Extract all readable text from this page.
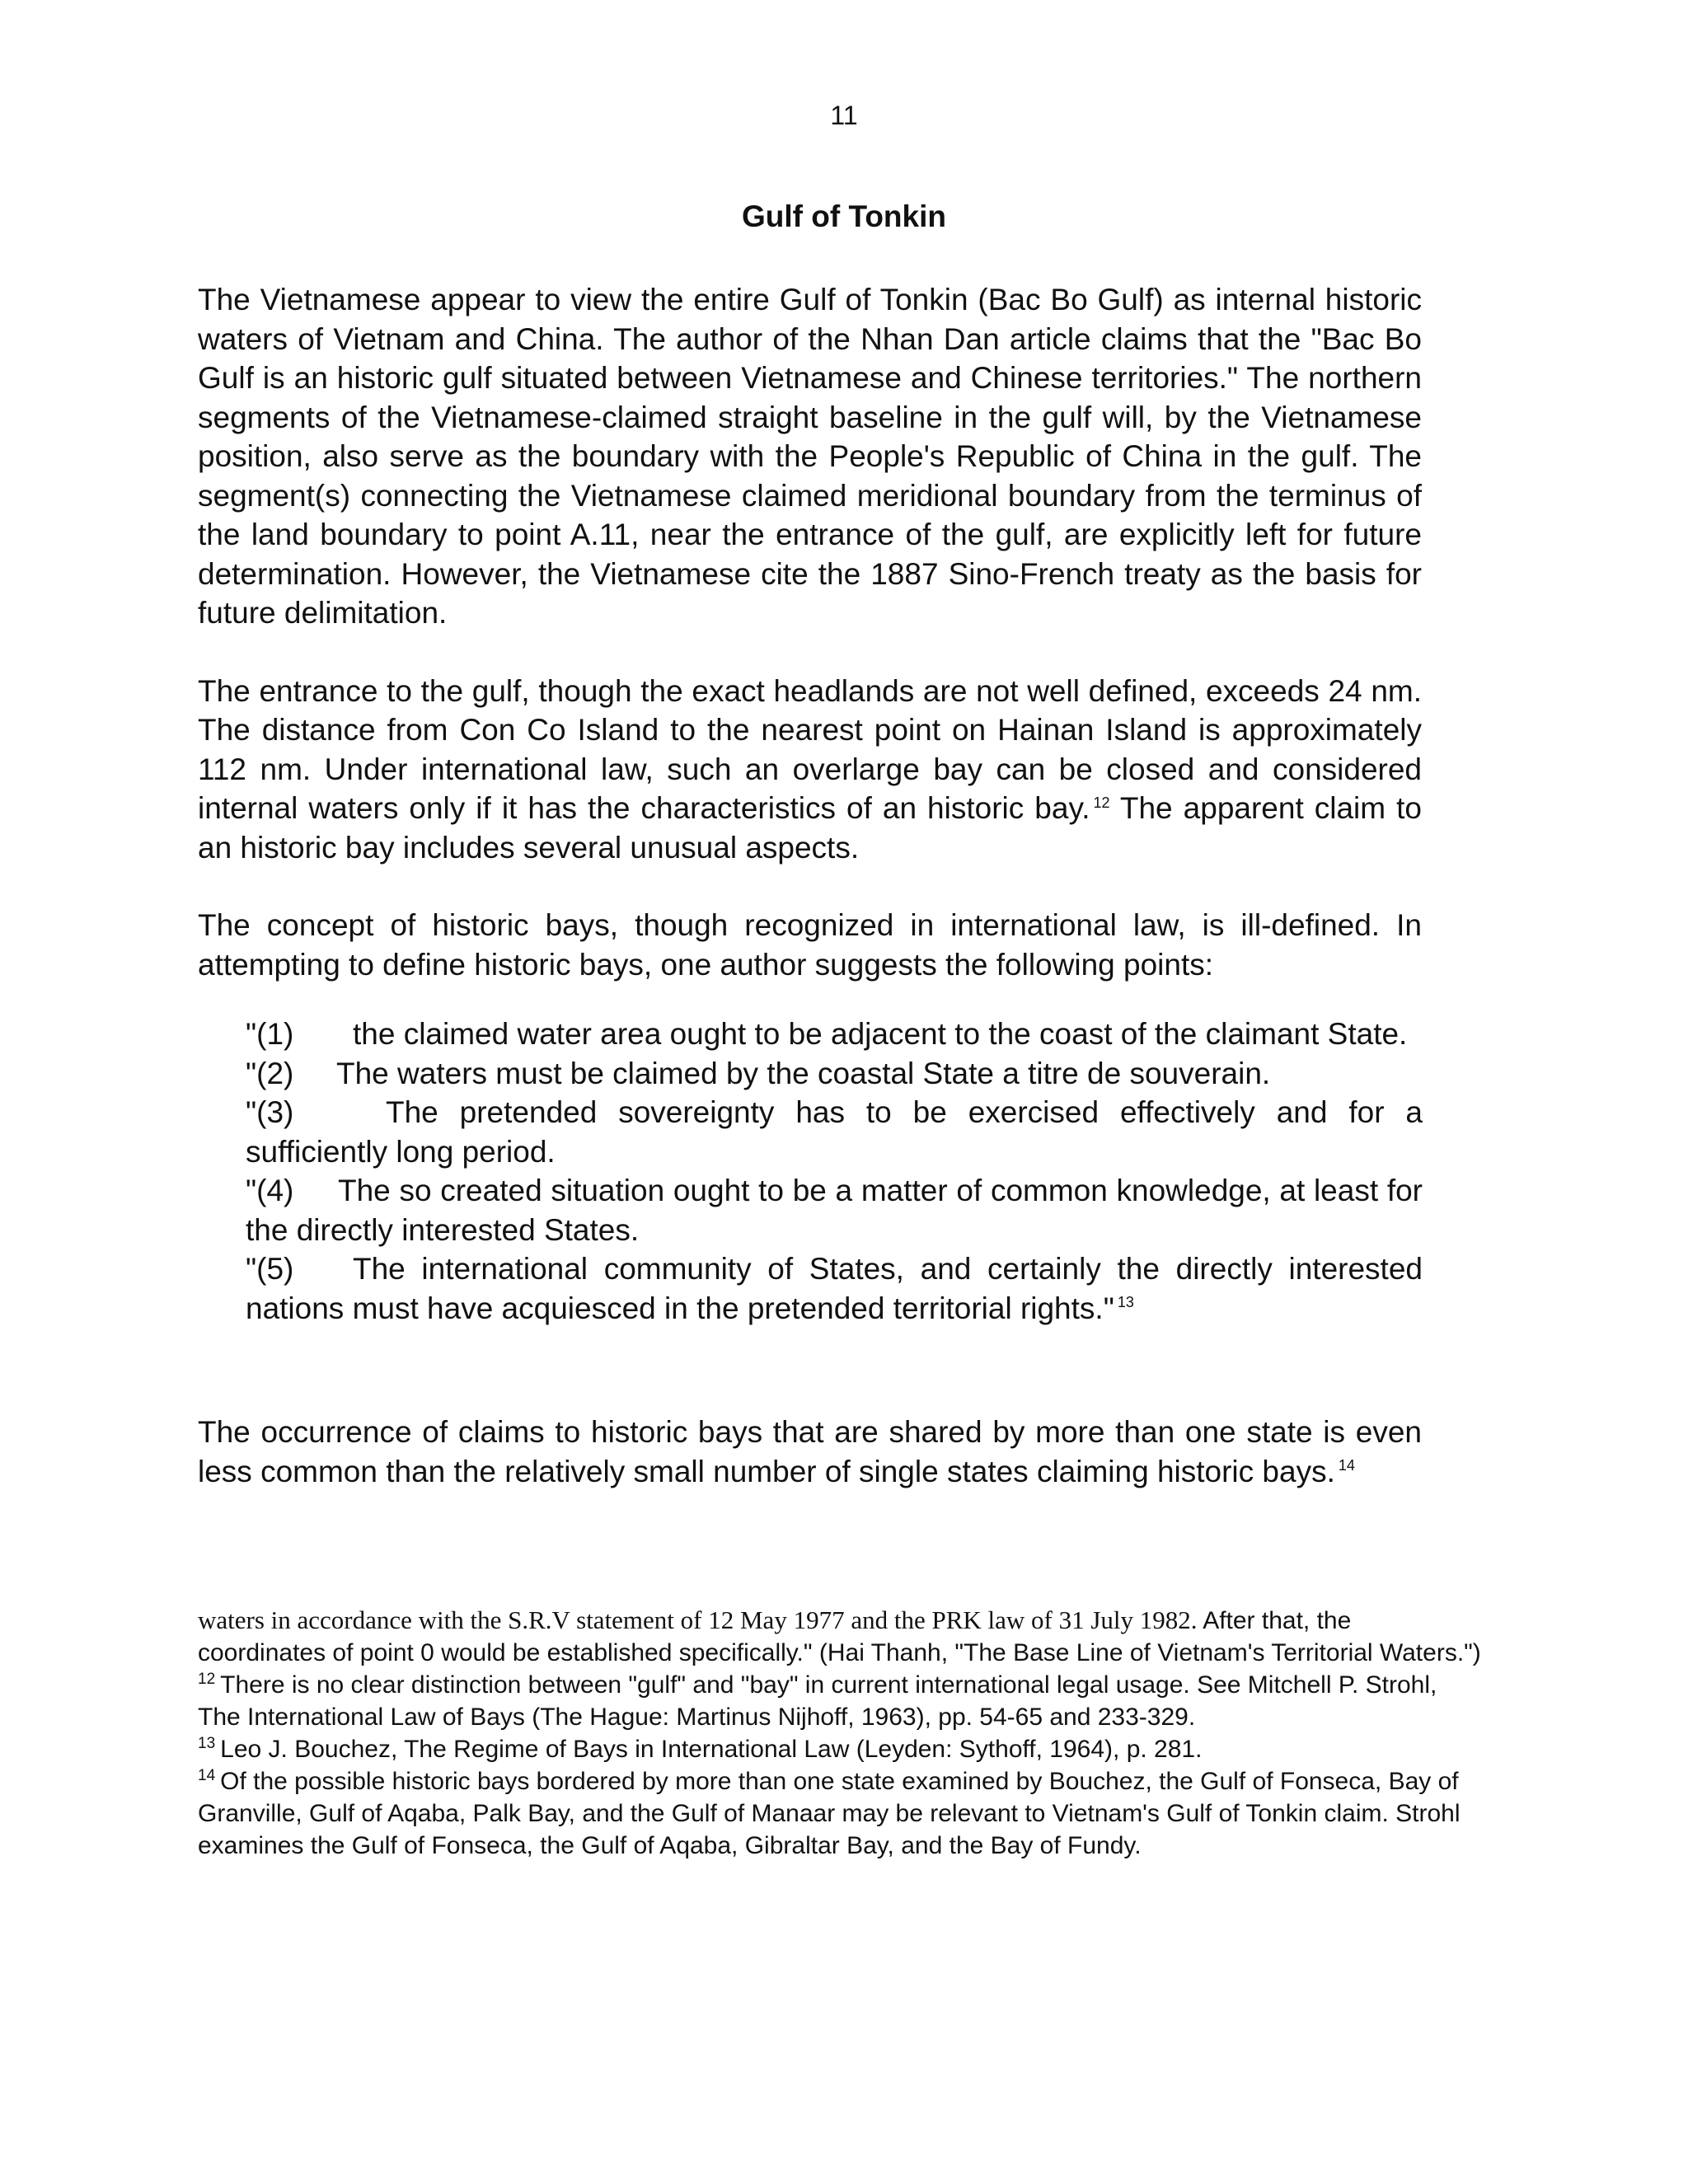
11
Gulf of Tonkin

The Vietnamese appear to view the entire Gulf of Tonkin (Bac Bo Gulf) as internal historic waters of Vietnam and China. The author of the Nhan Dan article claims that the "Bac Bo Gulf is an historic gulf situated between Vietnamese and Chinese territories." The northern segments of the Vietnamese-claimed straight baseline in the gulf will, by the Vietnamese position, also serve as the boundary with the People's Republic of China in the gulf. The segment(s) connecting the Vietnamese claimed meridional boundary from the terminus of the land boundary to point A.11, near the entrance of the gulf, are explicitly left for future determination. However, the Vietnamese cite the 1887 Sino-French treaty as the basis for future delimitation.

The entrance to the gulf, though the exact headlands are not well defined, exceeds 24 nm. The distance from Con Co Island to the nearest point on Hainan Island is approximately 112 nm. Under international law, such an overlarge bay can be closed and considered internal waters only if it has the characteristics of an historic bay. $^{12}$ The apparent claim to an historic bay includes several unusual aspects.

The concept of historic bays, though recognized in international law, is ill-defined. In attempting to define historic bays, one author suggests the following points:

"(1) the claimed water area ought to be adjacent to the coast of the claimant State.

"(2) The waters must be claimed by the coastal State a titre de souverain.

"(3)	The pretended sovereignty has to be exercised effectively and for a sufficiently long period.

"(4) The so created situation ought to be a matter of common knowledge, at least for the directly interested States.

"(5) The international community of States, and certainly the directly interested nations must have acquiesced in the pretended territorial rights." $^{13}$

The occurrence of claims to historic bays that are shared by more than one state is even less common than the relatively small number of single states claiming historic bays. $^{14}$

waters in accordance with the S.R.V statement of 12 May 1977 and the PRK law of 31 July 1982. After that, the coordinates of point 0 would be established specifically." (Hai Thanh, "The Base Line of Vietnam's Territorial Waters.")

$^{12}$ There is no clear distinction between "gulf" and "bay" in current international legal usage. See Mitchell P. Strohl, The International Law of Bays (The Hague: Martinus Nijhoff, 1963), pp. 54-65 and 233-329.

$^{13}$ Leo J. Bouchez, The Regime of Bays in International Law (Leyden: Sythoff, 1964), p. 281.

$^{14}$ Of the possible historic bays bordered by more than one state examined by Bouchez, the Gulf of Fonseca, Bay of Granville, Gulf of Aqaba, Palk Bay, and the Gulf of Manaar may be relevant to Vietnam's Gulf of Tonkin claim. Strohl examines the Gulf of Fonseca, the Gulf of Aqaba, Gibraltar Bay, and the Bay of Fundy.
